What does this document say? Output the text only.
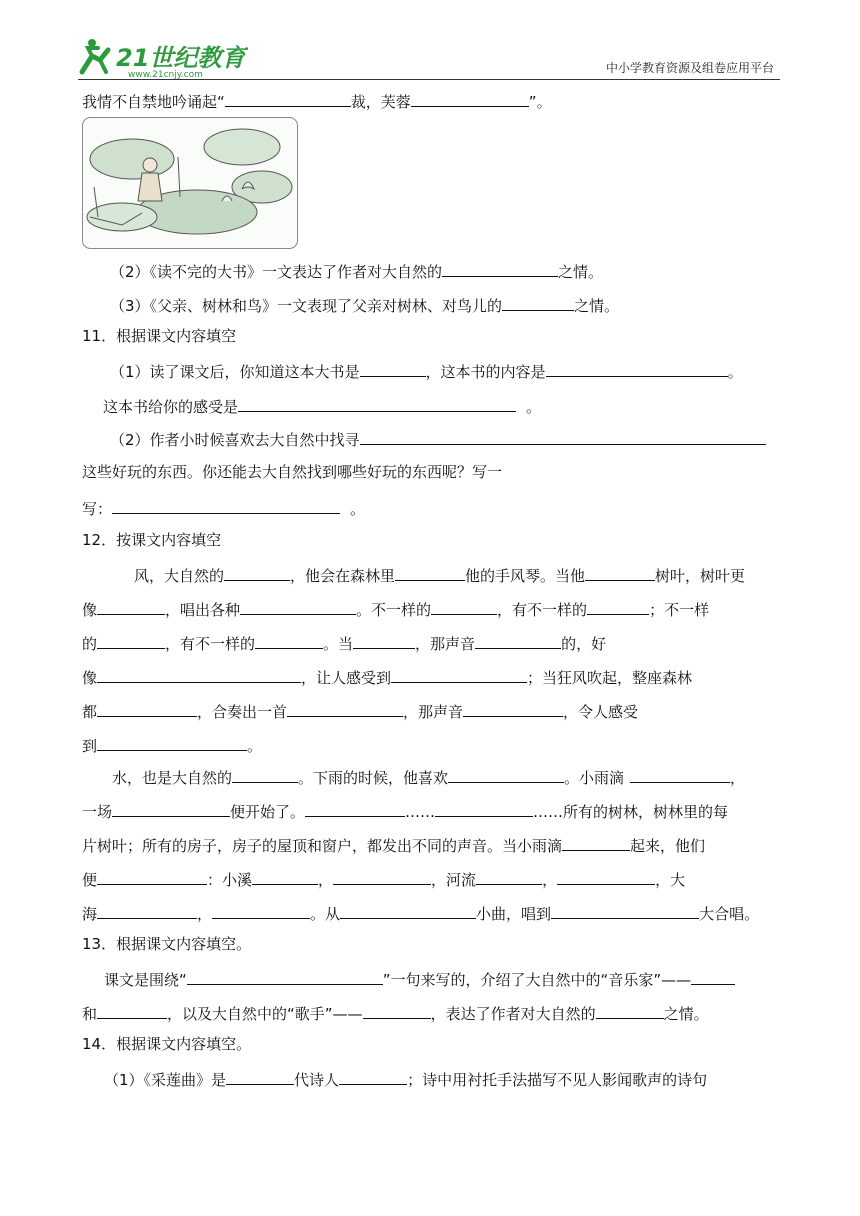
21世纪教育
www.21cnjy.com	中小学教育资源及组卷应用平台
我情不自禁地吟诵起“	裁，芙蓉	”。
（2）《读不完的大书》一文表达了作者对大自然的	之情。
（3）《父亲、树林和鸟》一文表现了父亲对树林、对鸟儿的	之情。
11．根据课文内容填空
（1）读了课文后，你知道这本大书是	，这本书的内容是	。
这本书给你的感受是	。
（2）作者小时候喜欢去大自然中找寻
这些好玩的东西。你还能去大自然找到哪些好玩的东西呢？写一
写：	。
12．按课文内容填空
风，大自然的	，他会在森林里	他的手风琴。当他	树叶，树叶更
像	，唱出各种	。不一样的	，有不一样的	；不一样
的	，有不一样的	。当	，那声音	的，好
像	，让人感受到	；当狂风吹起，整座森林
都	，合奏出一首	，那声音	，令人感受
到	。
水，也是大自然的	。下雨的时候，他喜欢	。小雨滴	，
一场	便开始了。	……	……所有的树林，树林里的每
片树叶；所有的房子，房子的屋顶和窗户，都发出不同的声音。当小雨滴	起来，他们
便	：小溪	，	，河流	，	，大
海	，	。从	小曲，唱到	大合唱。
13．根据课文内容填空。
课文是围绕“	”一句来写的，介绍了大自然中的“音乐家”——
和	，以及大自然中的“歌手”——	，表达了作者对大自然的	之情。
14．根据课文内容填空。
（1）《采莲曲》是	代诗人	；诗中用衬托手法描写不见人影闻歌声的诗句
